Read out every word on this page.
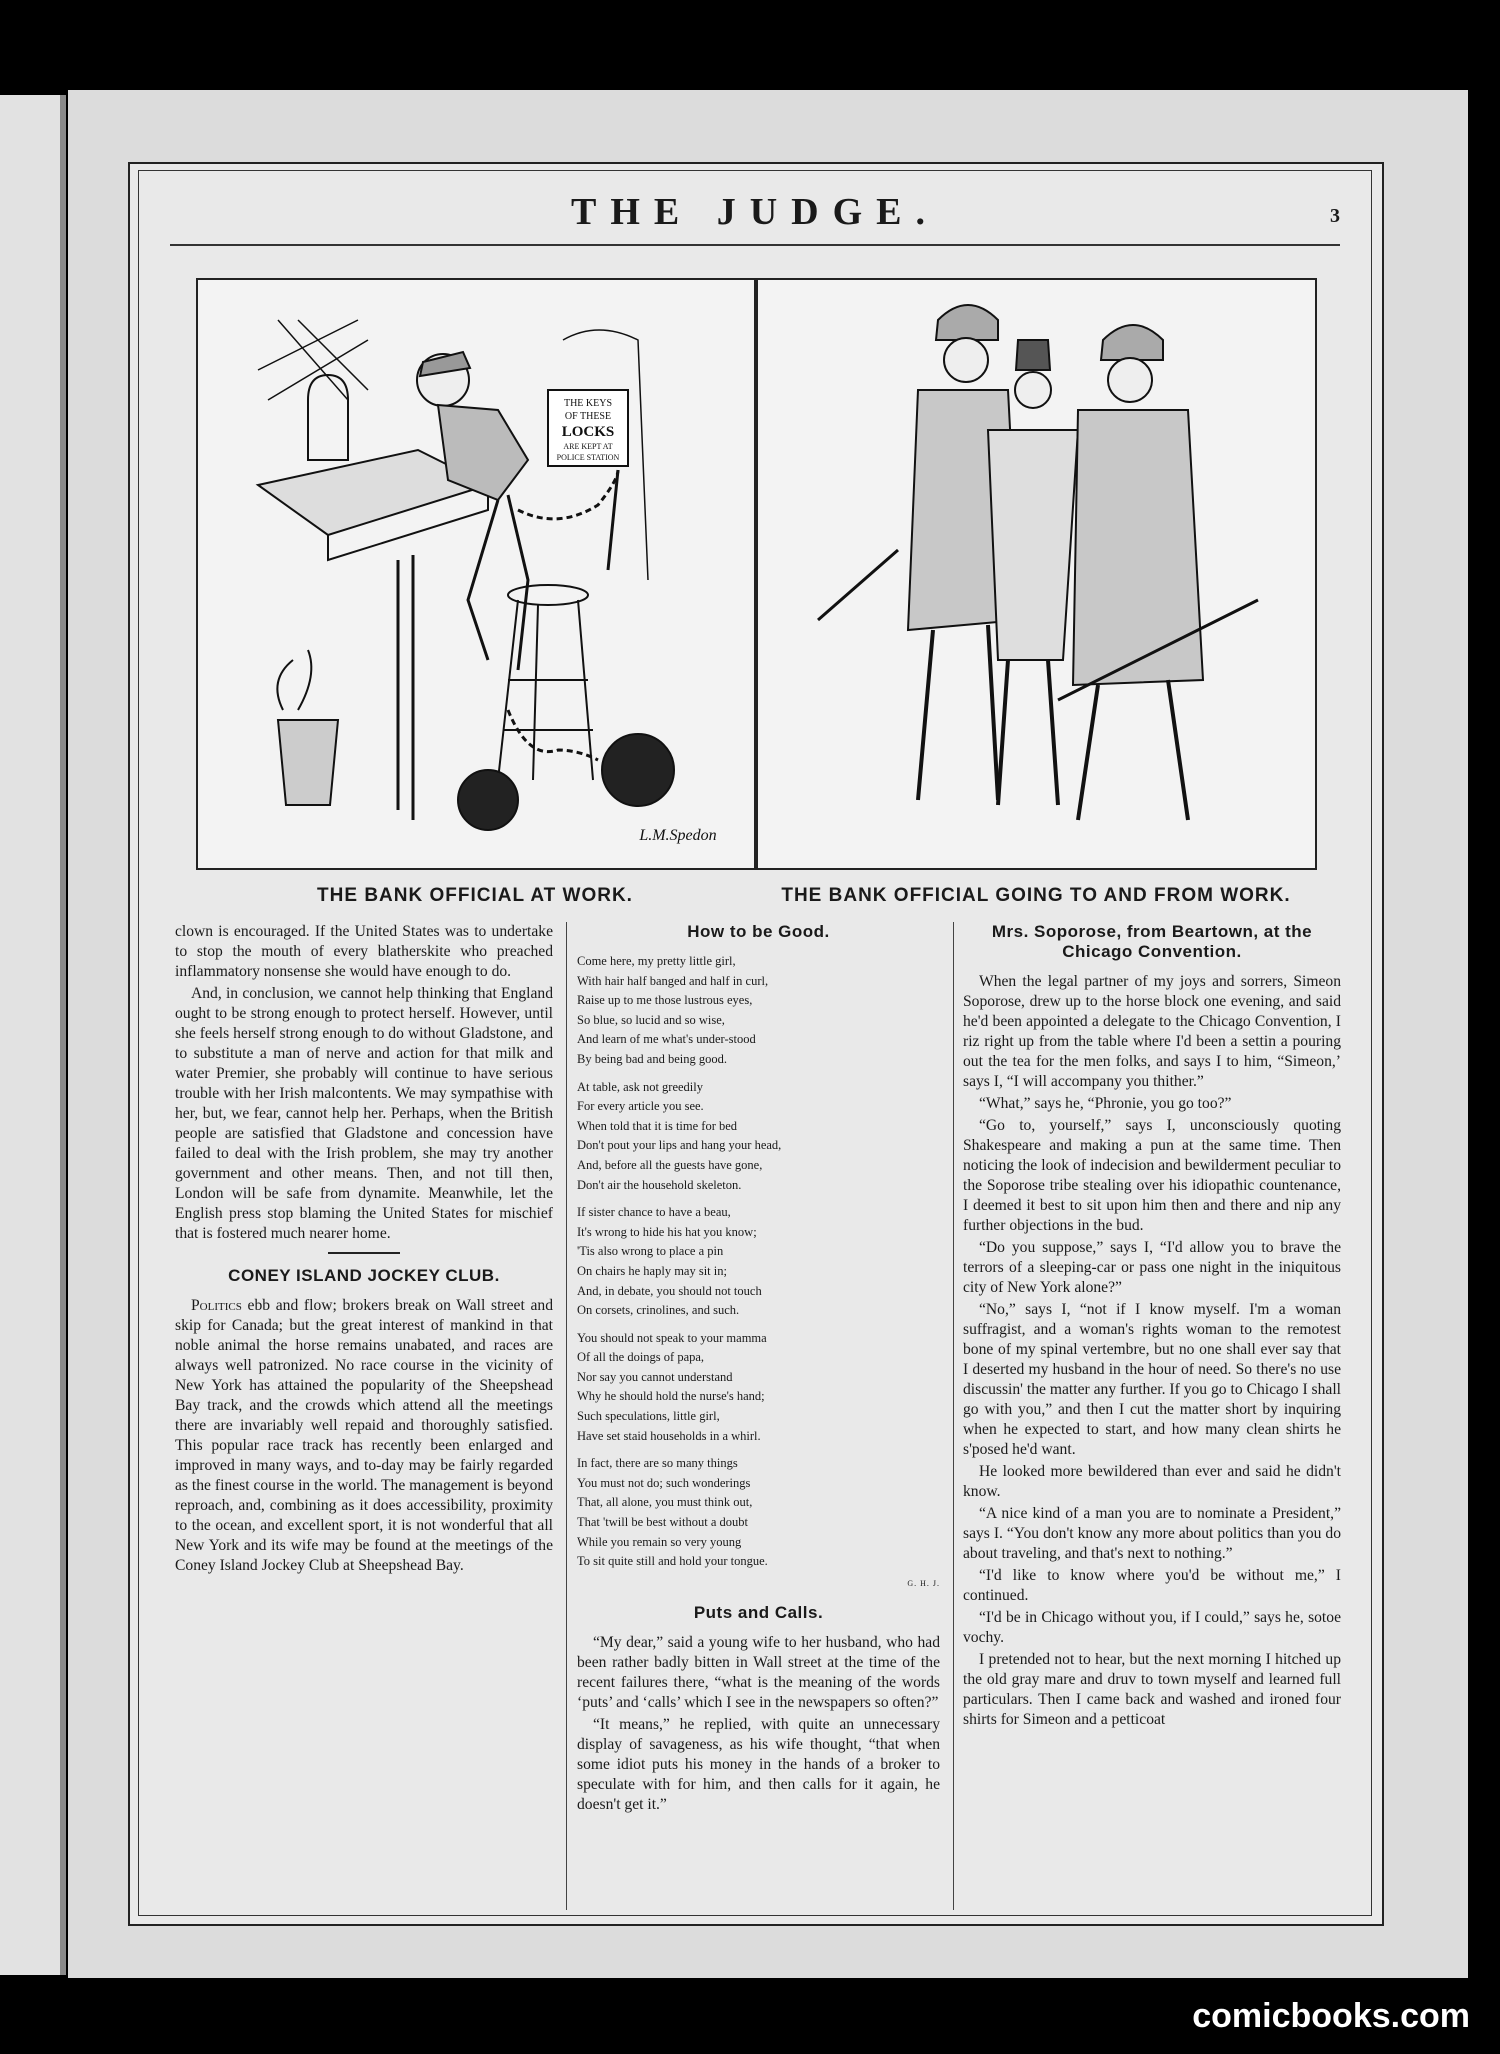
THE JUDGE.	3
THE KEYS
OF THESE
LOCKS
ARE KEPT AT
POLICE STATION
L.M.Spedon
THE BANK OFFICIAL AT WORK.	THE BANK OFFICIAL GOING TO AND FROM WORK.

clown is encouraged. If the United States was to undertake to stop the mouth of every blatherskite who preached inflammatory nonsense she would have enough to do.

And, in conclusion, we cannot help thinking that England ought to be strong enough to protect herself. However, until she feels herself strong enough to do without Gladstone, and to substitute a man of nerve and action for that milk and water Premier, she probably will continue to have serious trouble with her Irish malcontents. We may sympathise with her, but, we fear, cannot help her. Perhaps, when the British people are satisfied that Gladstone and concession have failed to deal with the Irish problem, she may try another government and other means. Then, and not till then, London will be safe from dynamite. Meanwhile, let the English press stop blaming the United States for mischief that is fostered much nearer home.

CONEY ISLAND JOCKEY CLUB.

Politics ebb and flow; brokers break on Wall street and skip for Canada; but the great interest of mankind in that noble animal the horse remains unabated, and races are always well patronized. No race course in the vicinity of New York has attained the popularity of the Sheepshead Bay track, and the crowds which attend all the meetings there are invariably well repaid and thoroughly satisfied. This popular race track has recently been enlarged and improved in many ways, and to-day may be fairly regarded as the finest course in the world. The management is beyond reproach, and, combining as it does accessibility, proximity to the ocean, and excellent sport, it is not wonderful that all New York and its wife may be found at the meetings of the Coney Island Jockey Club at Sheepshead Bay.

How to be Good.
Come here, my pretty little girl,
With hair half banged and half in curl,
Raise up to me those lustrous eyes,
So blue, so lucid and so wise,
And learn of me what's under-stood
By being bad and being good.
At table, ask not greedily
For every article you see.
When told that it is time for bed
Don't pout your lips and hang your head,
And, before all the guests have gone,
Don't air the household skeleton.
If sister chance to have a beau,
It's wrong to hide his hat you know;
'Tis also wrong to place a pin
On chairs he haply may sit in;
And, in debate, you should not touch
On corsets, crinolines, and such.
You should not speak to your mamma
Of all the doings of papa,
Nor say you cannot understand
Why he should hold the nurse's hand;
Such speculations, little girl,
Have set staid households in a whirl.
In fact, there are so many things
You must not do; such wonderings
That, all alone, you must think out,
That 'twill be best without a doubt
While you remain so very young
To sit quite still and hold your tongue.
G. H. J.
Puts and Calls.

“My dear,” said a young wife to her husband, who had been rather badly bitten in Wall street at the time of the recent failures there, “what is the meaning of the words ‘puts’ and ‘calls’ which I see in the newspapers so often?”

“It means,” he replied, with quite an unnecessary display of savageness, as his wife thought, “that when some idiot puts his money in the hands of a broker to speculate with for him, and then calls for it again, he doesn't get it.”

Mrs. Soporose, from Beartown, at the Chicago Convention.

When the legal partner of my joys and sorrers, Simeon Soporose, drew up to the horse block one evening, and said he'd been appointed a delegate to the Chicago Convention, I riz right up from the table where I'd been a settin a pouring out the tea for the men folks, and says I to him, “Simeon,’ says I, “I will accompany you thither.”

“What,” says he, “Phronie, you go too?”

“Go to, yourself,” says I, unconsciously quoting Shakespeare and making a pun at the same time. Then noticing the look of indecision and bewilderment peculiar to the Soporose tribe stealing over his idiopathic countenance, I deemed it best to sit upon him then and there and nip any further objections in the bud.

“Do you suppose,” says I, “I'd allow you to brave the terrors of a sleeping-car or pass one night in the iniquitous city of New York alone?”

“No,” says I, “not if I know myself. I'm a woman suffragist, and a woman's rights woman to the remotest bone of my spinal vertembre, but no one shall ever say that I deserted my husband in the hour of need. So there's no use discussin' the matter any further. If you go to Chicago I shall go with you,” and then I cut the matter short by inquiring when he expected to start, and how many clean shirts he s'posed he'd want.

He looked more bewildered than ever and said he didn't know.

“A nice kind of a man you are to nominate a President,” says I. “You don't know any more about politics than you do about traveling, and that's next to nothing.”

“I'd like to know where you'd be without me,” I continued.

“I'd be in Chicago without you, if I could,” says he, sotoe vochy.

I pretended not to hear, but the next morning I hitched up the old gray mare and druv to town myself and learned full particulars. Then I came back and washed and ironed four shirts for Simeon and a petticoat

comicbooks.com
